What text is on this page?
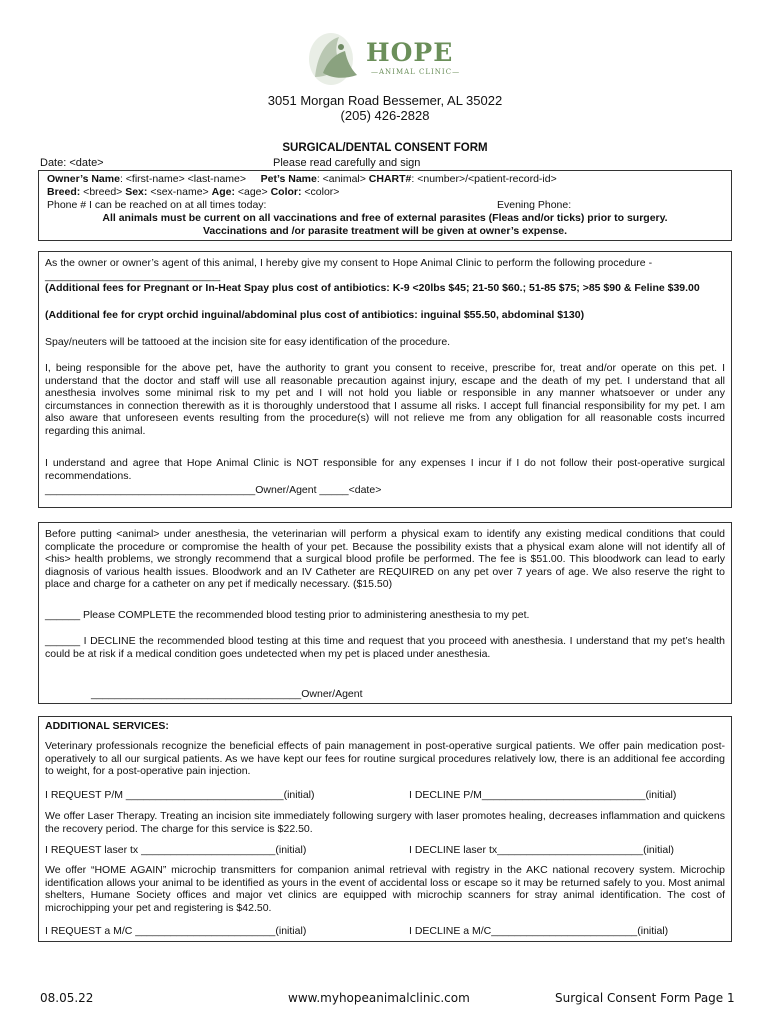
HOPE
—ANIMAL CLINIC—
3051 Morgan Road Bessemer, AL 35022
(205) 426-2828
SURGICAL/DENTAL CONSENT FORM
Date: <date>	Please read carefully and sign
Owner’s Name: <first-name> <last-name> Pet’s Name: <animal> CHART#: <number>/<patient-record-id>
Breed: <breed> Sex: <sex-name> Age: <age> Color: <color>
Phone # I can be reached on at all times today:	Evening Phone:
All animals must be current on all vaccinations and free of external parasites (Fleas and/or ticks) prior to surgery.
Vaccinations and /or parasite treatment will be given at owner’s expense.
As the owner or owner’s agent of this animal, I hereby give my consent to Hope Animal Clinic to perform the following procedure -
______________________________
(Additional fees for Pregnant or In-Heat Spay plus cost of antibiotics: K-9 <20lbs $45; 21-50 $60.; 51-85 $75; >85 $90 & Feline $39.00
(Additional fee for crypt orchid inguinal/abdominal plus cost of antibiotics: inguinal $55.50, abdominal $130)
Spay/neuters will be tattooed at the incision site for easy identification of the procedure.
I, being responsible for the above pet, have the authority to grant you consent to receive, prescribe for, treat and/or operate on this pet. I understand that the doctor and staff will use all reasonable precaution against injury, escape and the death of my pet. I understand that all anesthesia involves some minimal risk to my pet and I will not hold you liable or responsible in any manner whatsoever or under any circumstances in connection therewith as it is thoroughly understood that I assume all risks. I accept full financial responsibility for my pet. I am also aware that unforeseen events resulting from the procedure(s) will not relieve me from any obligation for all reasonable costs incurred regarding this animal.
I understand and agree that Hope Animal Clinic is NOT responsible for any expenses I incur if I do not follow their post-operative surgical recommendations.
____________________________________Owner/Agent _____<date>
Before putting <animal> under anesthesia, the veterinarian will perform a physical exam to identify any existing medical conditions that could complicate the procedure or compromise the health of your pet. Because the possibility exists that a physical exam alone will not identify all of <his> health problems, we strongly recommend that a surgical blood profile be performed. The fee is $51.00. This bloodwork can lead to early diagnosis of various health issues. Bloodwork and an IV Catheter are REQUIRED on any pet over 7 years of age. We also reserve the right to place and charge for a catheter on any pet if medically necessary. ($15.50)
______ Please COMPLETE the recommended blood testing prior to administering anesthesia to my pet.
______ I DECLINE the recommended blood testing at this time and request that you proceed with anesthesia. I understand that my pet’s health could be at risk if a medical condition goes undetected when my pet is placed under anesthesia.
____________________________________Owner/Agent
ADDITIONAL SERVICES:
Veterinary professionals recognize the beneficial effects of pain management in post-operative surgical patients. We offer pain medication post-operatively to all our surgical patients. As we have kept our fees for routine surgical procedures relatively low, there is an additional fee according to weight, for a post-operative pain injection.
I REQUEST P/M ___________________________(initial)	I DECLINE P/M____________________________(initial)
We offer Laser Therapy. Treating an incision site immediately following surgery with laser promotes healing, decreases inflammation and quickens the recovery period. The charge for this service is $22.50.
I REQUEST laser tx _______________________(initial)	I DECLINE laser tx_________________________(initial)
We offer “HOME AGAIN” microchip transmitters for companion animal retrieval with registry in the AKC national recovery system. Microchip identification allows your animal to be identified as yours in the event of accidental loss or escape so it may be returned safely to you. Most animal shelters, Humane Society offices and major vet clinics are equipped with microchip scanners for stray animal identification. The cost of microchipping your pet and registering is $42.50.
I REQUEST a M/C ________________________(initial)	I DECLINE a M/C_________________________(initial)
08.05.22	www.myhopeanimalclinic.com	Surgical Consent Form Page 1
